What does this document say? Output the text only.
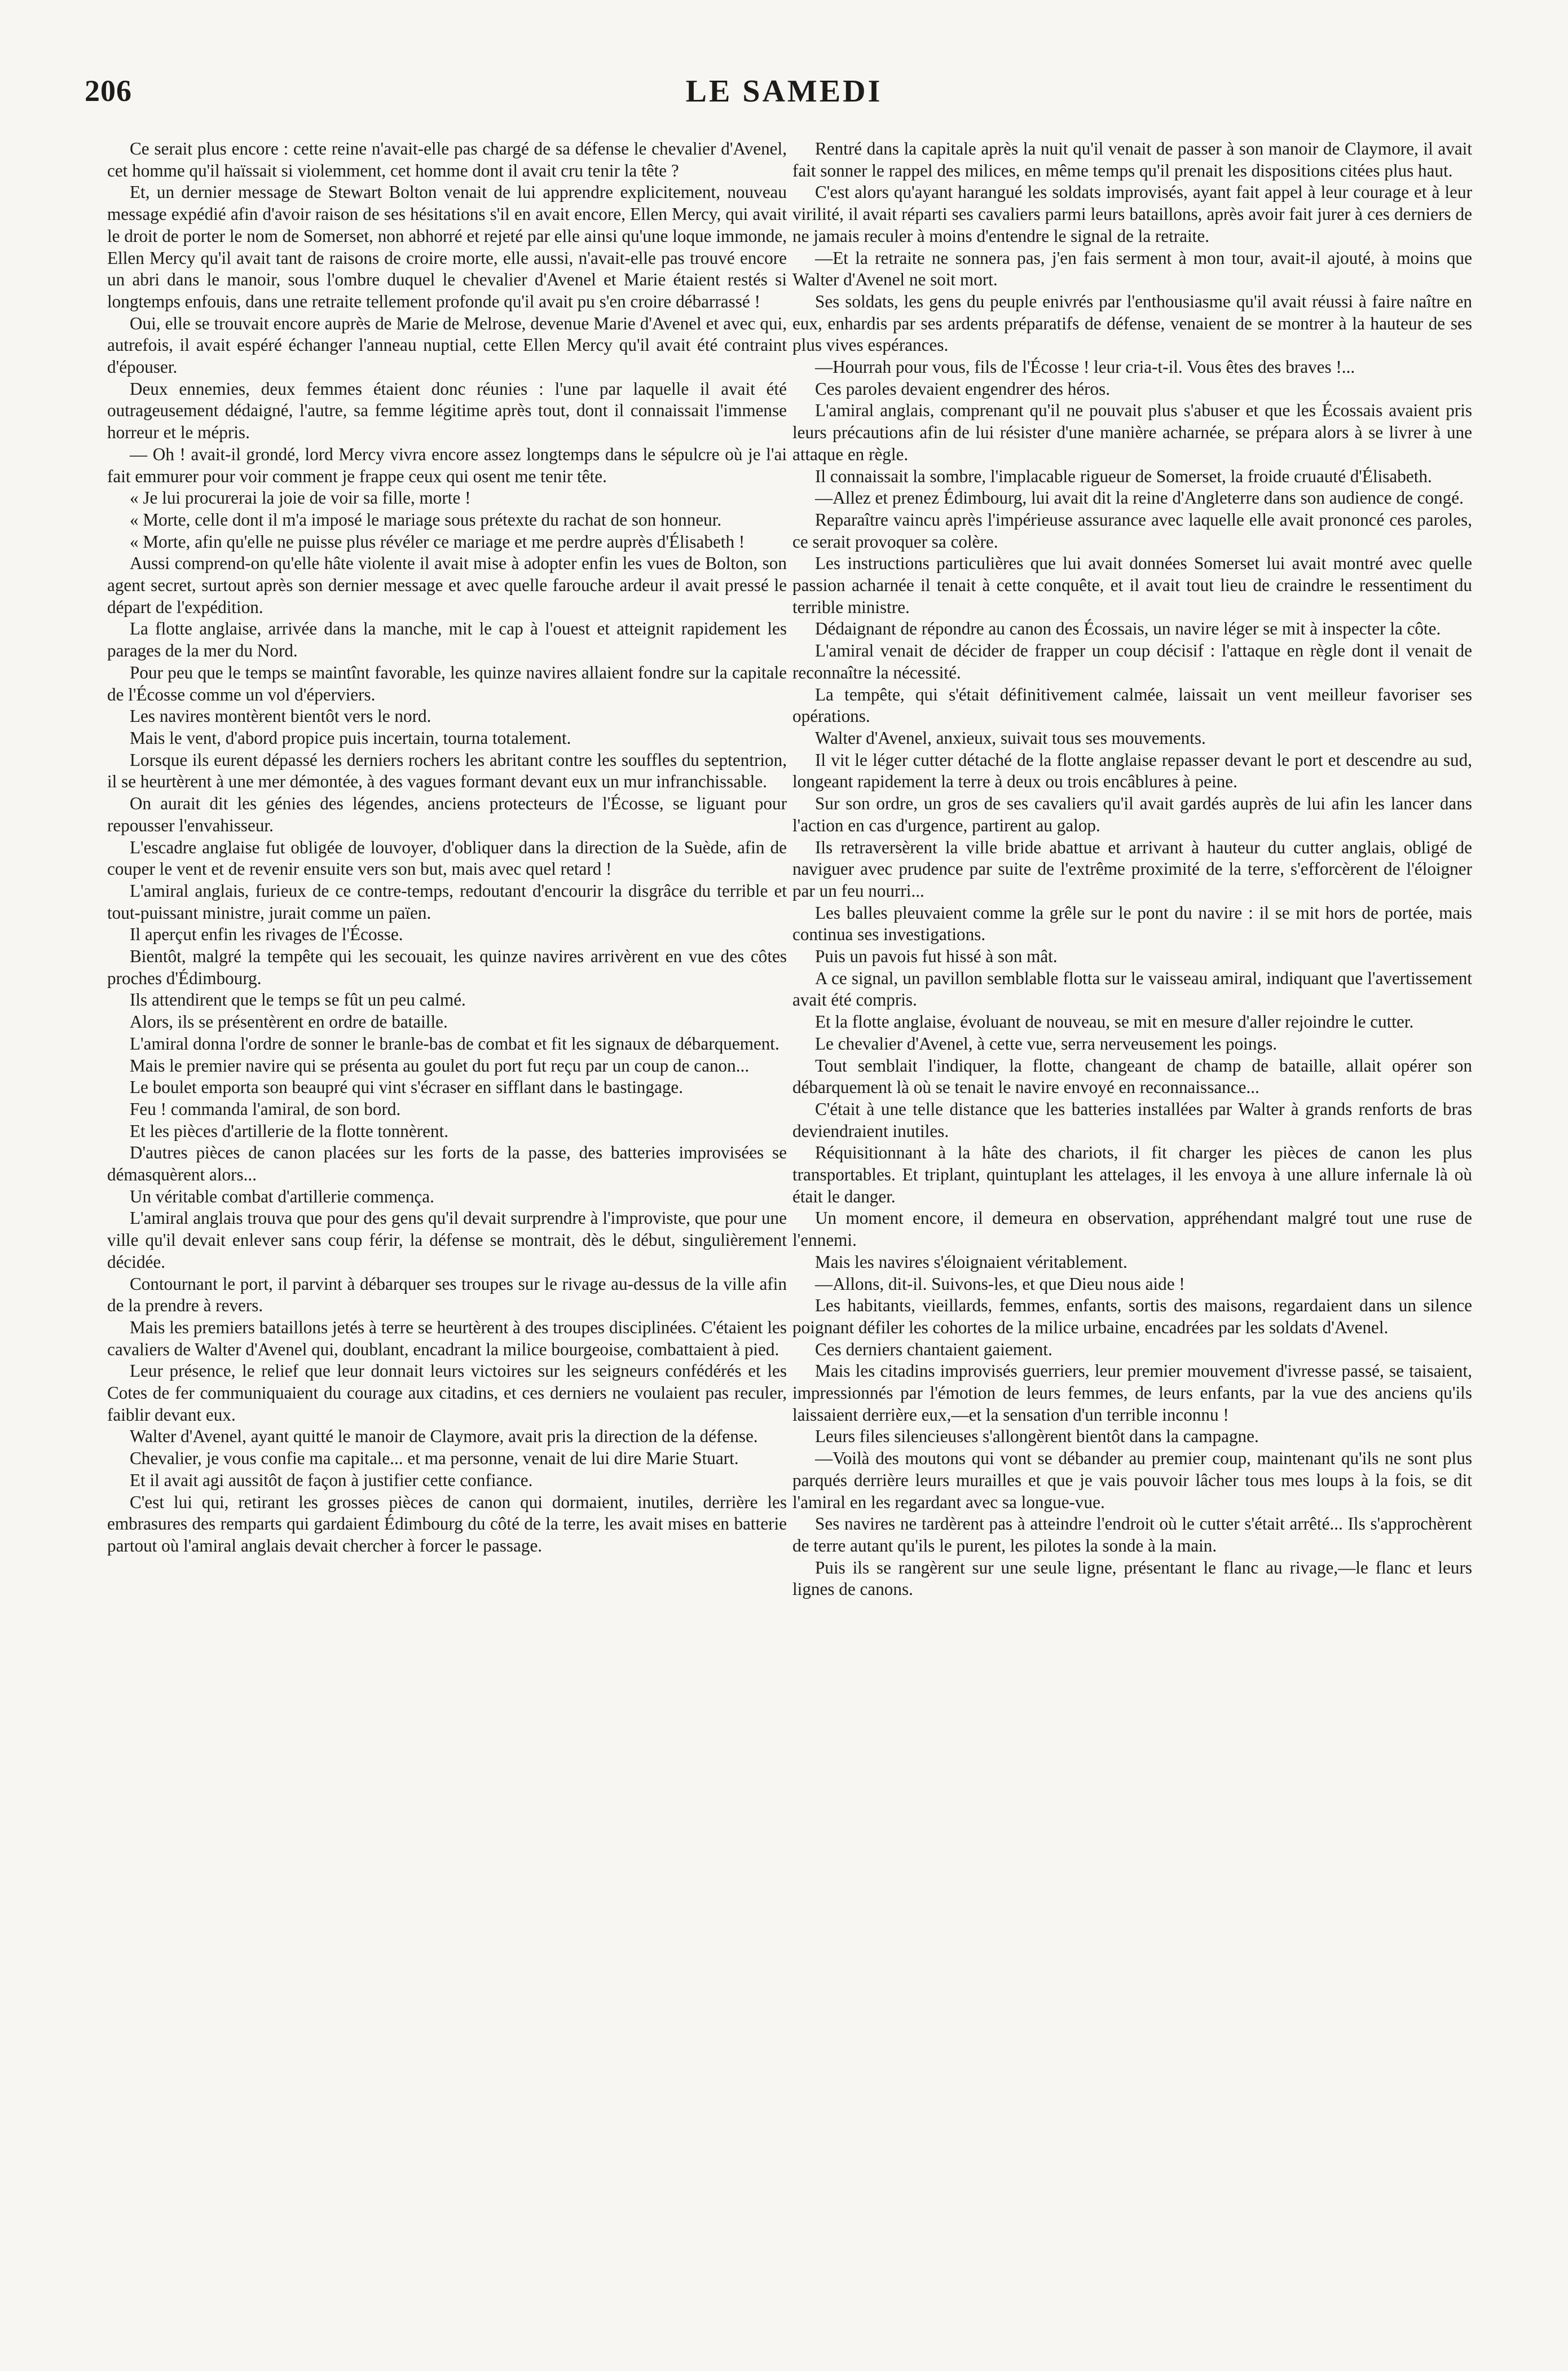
206	LE SAMEDI

Ce serait plus encore : cette reine n'avait-elle pas chargé de sa défense le chevalier d'Avenel, cet homme qu'il haïssait si violemment, cet homme dont il avait cru tenir la tête ?

Et, un dernier message de Stewart Bolton venait de lui apprendre explicitement, nouveau message expédié afin d'avoir raison de ses hésitations s'il en avait encore, Ellen Mercy, qui avait le droit de porter le nom de Somerset, non abhorré et rejeté par elle ainsi qu'une loque immonde, Ellen Mercy qu'il avait tant de raisons de croire morte, elle aussi, n'avait-elle pas trouvé encore un abri dans le manoir, sous l'ombre duquel le chevalier d'Avenel et Marie étaient restés si longtemps enfouis, dans une retraite tellement profonde qu'il avait pu s'en croire débarrassé !

Oui, elle se trouvait encore auprès de Marie de Melrose, devenue Marie d'Avenel et avec qui, autrefois, il avait espéré échanger l'anneau nuptial, cette Ellen Mercy qu'il avait été contraint d'épouser.

Deux ennemies, deux femmes étaient donc réunies : l'une par laquelle il avait été outrageusement dédaigné, l'autre, sa femme légitime après tout, dont il connaissait l'immense horreur et le mépris.

— Oh ! avait-il grondé, lord Mercy vivra encore assez longtemps dans le sépulcre où je l'ai fait emmurer pour voir comment je frappe ceux qui osent me tenir tête.

« Je lui procurerai la joie de voir sa fille, morte !

« Morte, celle dont il m'a imposé le mariage sous prétexte du rachat de son honneur.

« Morte, afin qu'elle ne puisse plus révéler ce mariage et me perdre auprès d'Élisabeth !

Aussi comprend-on qu'elle hâte violente il avait mise à adopter enfin les vues de Bolton, son agent secret, surtout après son dernier message et avec quelle farouche ardeur il avait pressé le départ de l'expédition.

La flotte anglaise, arrivée dans la manche, mit le cap à l'ouest et atteignit rapidement les parages de la mer du Nord.

Pour peu que le temps se maintînt favorable, les quinze navires allaient fondre sur la capitale de l'Écosse comme un vol d'éperviers.

Les navires montèrent bientôt vers le nord.

Mais le vent, d'abord propice puis incertain, tourna totalement.

Lorsque ils eurent dépassé les derniers rochers les abritant contre les souffles du septentrion, il se heurtèrent à une mer démontée, à des vagues formant devant eux un mur infranchissable.

On aurait dit les génies des légendes, anciens protecteurs de l'Écosse, se liguant pour repousser l'envahisseur.

L'escadre anglaise fut obligée de louvoyer, d'obliquer dans la direction de la Suède, afin de couper le vent et de revenir ensuite vers son but, mais avec quel retard !

L'amiral anglais, furieux de ce contre-temps, redoutant d'encourir la disgrâce du terrible et tout-puissant ministre, jurait comme un païen.

Il aperçut enfin les rivages de l'Écosse.

Bientôt, malgré la tempête qui les secouait, les quinze navires arrivèrent en vue des côtes proches d'Édimbourg.

Ils attendirent que le temps se fût un peu calmé.

Alors, ils se présentèrent en ordre de bataille.

L'amiral donna l'ordre de sonner le branle-bas de combat et fit les signaux de débarquement.

Mais le premier navire qui se présenta au goulet du port fut reçu par un coup de canon...

Le boulet emporta son beaupré qui vint s'écraser en sifflant dans le bastingage.

Feu ! commanda l'amiral, de son bord.

Et les pièces d'artillerie de la flotte tonnèrent.

D'autres pièces de canon placées sur les forts de la passe, des batteries improvisées se démasquèrent alors...

Un véritable combat d'artillerie commença.

L'amiral anglais trouva que pour des gens qu'il devait surprendre à l'improviste, que pour une ville qu'il devait enlever sans coup férir, la défense se montrait, dès le début, singulièrement décidée.

Contournant le port, il parvint à débarquer ses troupes sur le rivage au-dessus de la ville afin de la prendre à revers.

Mais les premiers bataillons jetés à terre se heurtèrent à des troupes disciplinées. C'étaient les cavaliers de Walter d'Avenel qui, doublant, encadrant la milice bourgeoise, combattaient à pied.

Leur présence, le relief que leur donnait leurs victoires sur les seigneurs confédérés et les Cotes de fer communiquaient du courage aux citadins, et ces derniers ne voulaient pas reculer, faiblir devant eux.

Walter d'Avenel, ayant quitté le manoir de Claymore, avait pris la direction de la défense.

Chevalier, je vous confie ma capitale... et ma personne, venait de lui dire Marie Stuart.

Et il avait agi aussitôt de façon à justifier cette confiance.

C'est lui qui, retirant les grosses pièces de canon qui dormaient, inutiles, derrière les embrasures des remparts qui gardaient Édimbourg du côté de la terre, les avait mises en batterie partout où l'amiral anglais devait chercher à forcer le passage.

Rentré dans la capitale après la nuit qu'il venait de passer à son manoir de Claymore, il avait fait sonner le rappel des milices, en même temps qu'il prenait les dispositions citées plus haut.

C'est alors qu'ayant harangué les soldats improvisés, ayant fait appel à leur courage et à leur virilité, il avait réparti ses cavaliers parmi leurs bataillons, après avoir fait jurer à ces derniers de ne jamais reculer à moins d'entendre le signal de la retraite.

—Et la retraite ne sonnera pas, j'en fais serment à mon tour, avait-il ajouté, à moins que Walter d'Avenel ne soit mort.

Ses soldats, les gens du peuple enivrés par l'enthousiasme qu'il avait réussi à faire naître en eux, enhardis par ses ardents préparatifs de défense, venaient de se montrer à la hauteur de ses plus vives espérances.

—Hourrah pour vous, fils de l'Écosse ! leur cria-t-il. Vous êtes des braves !...

Ces paroles devaient engendrer des héros.

L'amiral anglais, comprenant qu'il ne pouvait plus s'abuser et que les Écossais avaient pris leurs précautions afin de lui résister d'une manière acharnée, se prépara alors à se livrer à une attaque en règle.

Il connaissait la sombre, l'implacable rigueur de Somerset, la froide cruauté d'Élisabeth.

—Allez et prenez Édimbourg, lui avait dit la reine d'Angleterre dans son audience de congé.

Reparaître vaincu après l'impérieuse assurance avec laquelle elle avait prononcé ces paroles, ce serait provoquer sa colère.

Les instructions particulières que lui avait données Somerset lui avait montré avec quelle passion acharnée il tenait à cette conquête, et il avait tout lieu de craindre le ressentiment du terrible ministre.

Dédaignant de répondre au canon des Écossais, un navire léger se mit à inspecter la côte.

L'amiral venait de décider de frapper un coup décisif : l'attaque en règle dont il venait de reconnaître la nécessité.

La tempête, qui s'était définitivement calmée, laissait un vent meilleur favoriser ses opérations.

Walter d'Avenel, anxieux, suivait tous ses mouvements.

Il vit le léger cutter détaché de la flotte anglaise repasser devant le port et descendre au sud, longeant rapidement la terre à deux ou trois encâblures à peine.

Sur son ordre, un gros de ses cavaliers qu'il avait gardés auprès de lui afin les lancer dans l'action en cas d'urgence, partirent au galop.

Ils retraversèrent la ville bride abattue et arrivant à hauteur du cutter anglais, obligé de naviguer avec prudence par suite de l'extrême proximité de la terre, s'efforcèrent de l'éloigner par un feu nourri...

Les balles pleuvaient comme la grêle sur le pont du navire : il se mit hors de portée, mais continua ses investigations.

Puis un pavois fut hissé à son mât.

A ce signal, un pavillon semblable flotta sur le vaisseau amiral, indiquant que l'avertissement avait été compris.

Et la flotte anglaise, évoluant de nouveau, se mit en mesure d'aller rejoindre le cutter.

Le chevalier d'Avenel, à cette vue, serra nerveusement les poings.

Tout semblait l'indiquer, la flotte, changeant de champ de bataille, allait opérer son débarquement là où se tenait le navire envoyé en reconnaissance...

C'était à une telle distance que les batteries installées par Walter à grands renforts de bras deviendraient inutiles.

Réquisitionnant à la hâte des chariots, il fit charger les pièces de canon les plus transportables. Et triplant, quintuplant les attelages, il les envoya à une allure infernale là où était le danger.

Un moment encore, il demeura en observation, appréhendant malgré tout une ruse de l'ennemi.

Mais les navires s'éloignaient véritablement.

—Allons, dit-il. Suivons-les, et que Dieu nous aide !

Les habitants, vieillards, femmes, enfants, sortis des maisons, regardaient dans un silence poignant défiler les cohortes de la milice urbaine, encadrées par les soldats d'Avenel.

Ces derniers chantaient gaiement.

Mais les citadins improvisés guerriers, leur premier mouvement d'ivresse passé, se taisaient, impressionnés par l'émotion de leurs femmes, de leurs enfants, par la vue des anciens qu'ils laissaient derrière eux,—et la sensation d'un terrible inconnu !

Leurs files silencieuses s'allongèrent bientôt dans la campagne.

—Voilà des moutons qui vont se débander au premier coup, maintenant qu'ils ne sont plus parqués derrière leurs murailles et que je vais pouvoir lâcher tous mes loups à la fois, se dit l'amiral en les regardant avec sa longue-vue.

Ses navires ne tardèrent pas à atteindre l'endroit où le cutter s'était arrêté... Ils s'approchèrent de terre autant qu'ils le purent, les pilotes la sonde à la main.

Puis ils se rangèrent sur une seule ligne, présentant le flanc au rivage,—le flanc et leurs lignes de canons.
